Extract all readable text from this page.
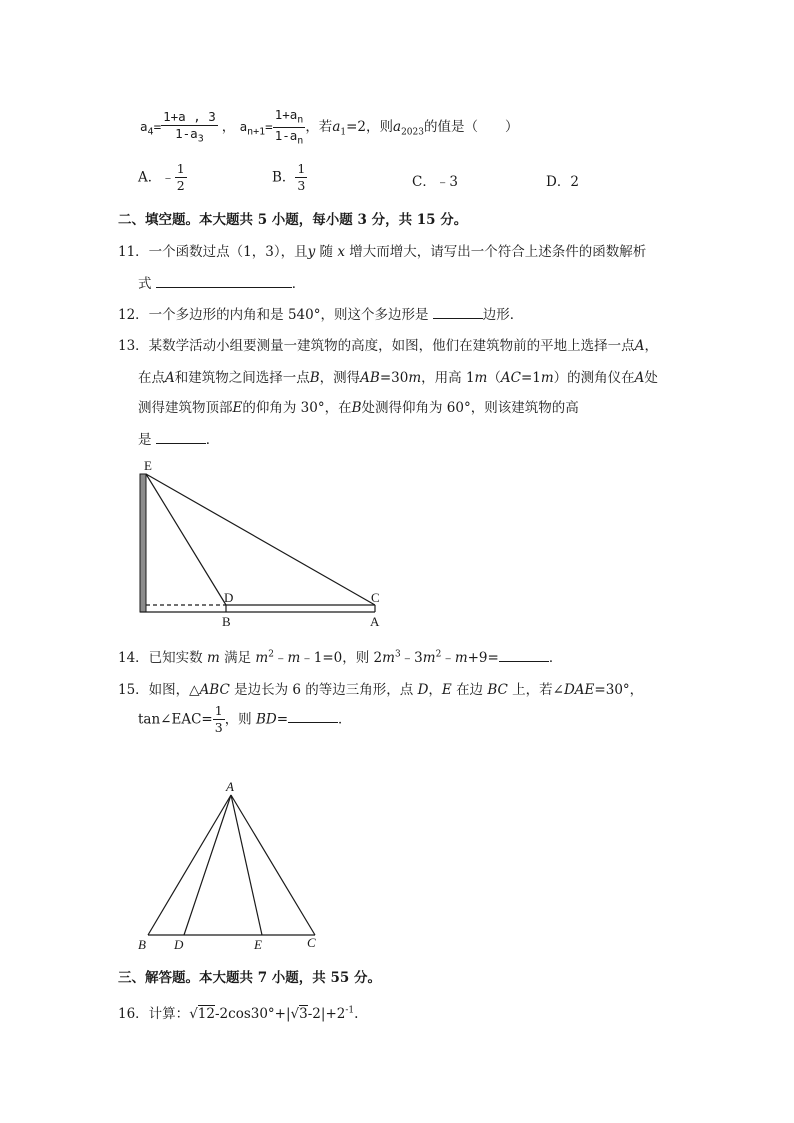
$a_4= \frac{1+a , 3}{1-a_3}$ ， $a_{n+1}= \frac{1+a_n}{1-a_n}$ ，若$a_1=2$，则$a_{2023}$的值是（　　）
A．﹣ $\frac{1}{2}$	B． $\frac{1}{3}$	C．﹣3	D．2
二、填空题。本大题共 5 小题，每小题 3 分，共 15 分。
11．一个函数过点（1，3），且y 随 x 增大而增大，请写出一个符合上述条件的函数解析
式	．
12．一个多边形的内角和是 540°，则这个多边形是	边形．
13．某数学活动小组要测量一建筑物的高度，如图，他们在建筑物前的平地上选择一点A，
在点A和建筑物之间选择一点B，测得AB=30m，用高 1m（AC=1m）的测角仪在A处
测得建筑物顶部E的仰角为 30°，在B处测得仰角为 60°，则该建筑物的高
是	．
E
D	C
B	A
A
B D	E	C
14．已知实数 m 满足 $m^2﹣m﹣1=0$，则 $2m^3﹣3m^2﹣m+9=$	．
15．如图，△ABC 是边长为 6 的等边三角形，点 D，E 在边 BC 上，若∠DAE=30°，
tan∠EAC= $\frac{1}{3}$ ，则 BD=	．
三、解答题。本大题共 7 小题，共 55 分。
16．计算：$√12-2\cos 30^\circ+|√3-2|+2^{-1}$.
